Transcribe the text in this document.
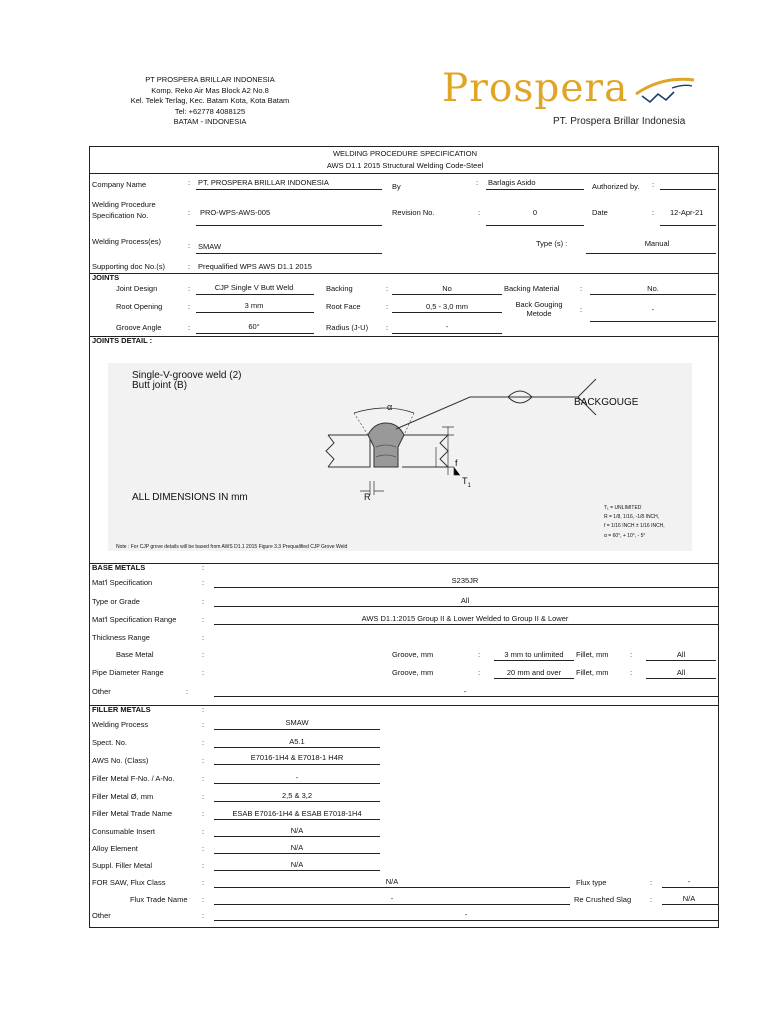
PT PROSPERA BRILLAR INDONESIA
Komp. Reko Air Mas Block A2 No.8
Kel. Telek Terlag, Kec. Batam Kota, Kota Batam
Tel: +62778 4088125
BATAM - INDONESIA
Prospera
PT. Prospera Brillar Indonesia
WELDING PROCEDURE SPECIFICATION
AWS D1.1 2015 Structural Welding Code-Steel
Company Name	: PT. PROSPERA BRILLAR INDONESIA	By	: Barlagis Asido	Authorized by. :
Welding Procedure
Specification No.	: PRO-WPS-AWS-005	Revision No.	:	0	Date	: 12-Apr-21
Welding Process(es)	: SMAW	Type (s) :	Manual
Supporting doc No.(s)	: Prequalified WPS AWS D1.1 2015
JOINTS
Joint Design	:	CJP Single V Butt Weld	Backing	:	No	Backing Material	:	No.
Root Opening	:	3 mm	Root Face	:	0,5 - 3,0 mm	Back Gouging
Metode	:	-
Groove Angle	:	60°	Radius (J-U) :	-
JOINTS DETAIL :
Single-V-groove weld (2)
Butt joint (B)
BACKGOUGE
α
f
$T_1$
R
ALL DIMENSIONS IN mm
T₁ = UNLIMITED
R = 1/8, 1/16, -1/8 INCH,
f = 1/16 INCH ± 1/16 INCH,
α = 60°, + 10°, - 5°
Note : For CJP grove details will be based from AWS D1.1 2015 Figure 3.3 Prequalified CJP Grove Weld
BASE METALS	:
Mat'l Specification	:	S235JR
Type or Grade	:	All
Mat'l Specification Range	:	AWS D1.1:2015 Group II & Lower Welded to Group II & Lower
Thickness Range	:
Base Metal	:	Groove, mm	:	3 mm to unlimited	Fillet, mm	:	All
Pipe Diameter Range	:	Groove, mm	:	20 mm and over	Fillet, mm	:	All
Other	:	-
FILLER METALS	:
Welding Process	:	SMAW
Spect. No.	:	A5.1
AWS No. (Class)	:	E7016-1H4 & E7018-1 H4R
Filler Metal F-No. / A-No.	:	-
Filler Metal Ø, mm	:	2,5 & 3,2
Filler Metal Trade Name	:	ESAB E7016-1H4 & ESAB E7018-1H4
Consumable Insert	:	N/A
Alloy Element	:	N/A
Suppl. Filler Metal	:	N/A
FOR SAW, Flux Class	:	N/A	Flux type	:	-
Flux Trade Name :	-	Re Crushed Slag	:	N/A
Other	:	-
